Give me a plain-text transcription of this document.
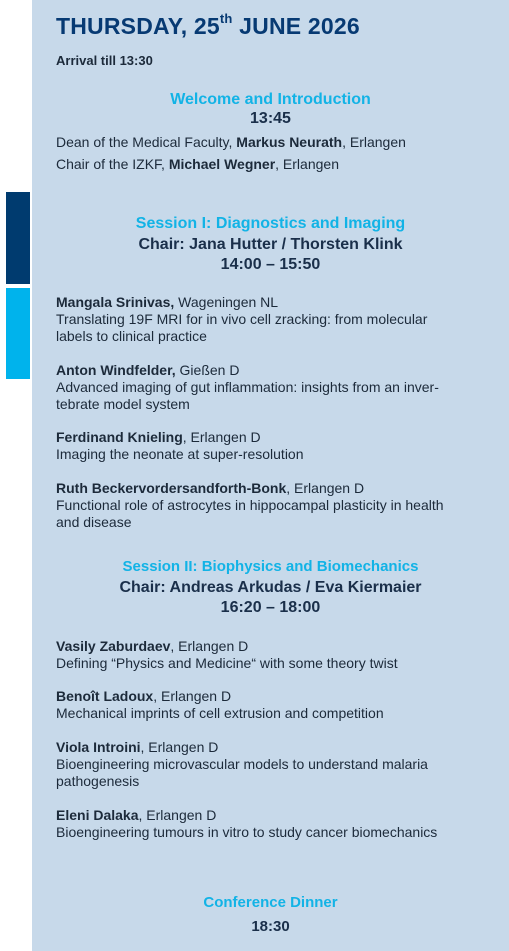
THURSDAY, 25th JUNE 2026
Arrival till 13:30
Welcome and Introduction
13:45
Dean of the Medical Faculty, Markus Neurath, Erlangen
Chair of the IZKF, Michael Wegner, Erlangen
Session I: Diagnostics and Imaging
Chair: Jana Hutter / Thorsten Klink
14:00 – 15:50
Mangala Srinivas, Wageningen NL
Translating 19F MRI for in vivo cell zracking: from molecular
labels to clinical practice
Anton Windfelder, Gießen D
Advanced imaging of gut inflammation: insights from an inver-
tebrate model system
Ferdinand Knieling, Erlangen D
Imaging the neonate at super-resolution
Ruth Beckervordersandforth-Bonk, Erlangen D
Functional role of astrocytes in hippocampal plasticity in health
and disease
Session II: Biophysics and Biomechanics
Chair: Andreas Arkudas / Eva Kiermaier
16:20 – 18:00
Vasily Zaburdaev, Erlangen D
Defining “Physics and Medicine“ with some theory twist
Benoît Ladoux, Erlangen D
Mechanical imprints of cell extrusion and competition
Viola Introini, Erlangen D
Bioengineering microvascular models to understand malaria
pathogenesis
Eleni Dalaka, Erlangen D
Bioengineering tumours in vitro to study cancer biomechanics
Conference Dinner
18:30
